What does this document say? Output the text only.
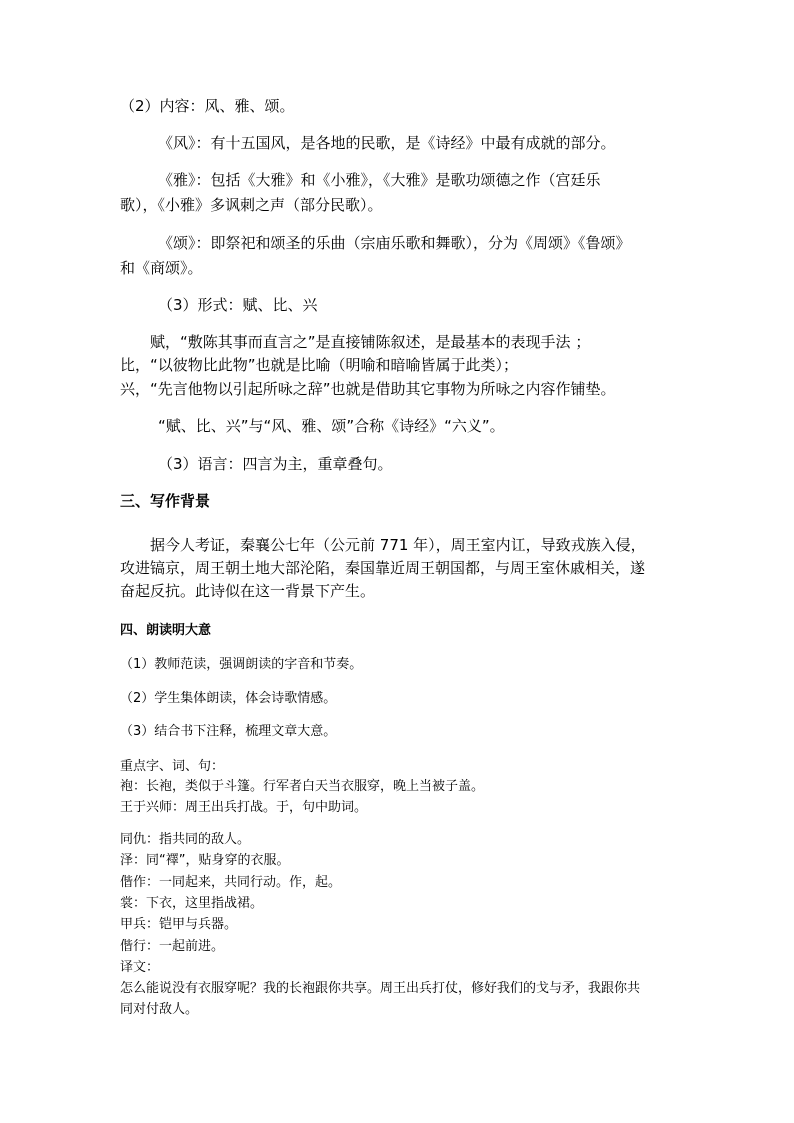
（2）内容：风、雅、颂。
《风》：有十五国风，是各地的民歌，是《诗经》中最有成就的部分。
《雅》：包括《大雅》和《小雅》，《大雅》是歌功颂德之作（宫廷乐
歌），《小雅》多讽刺之声（部分民歌）。
《颂》：即祭祀和颂圣的乐曲（宗庙乐歌和舞歌），分为《周颂》《鲁颂》
和《商颂》。
（3）形式：赋、比、兴
赋，“敷陈其事而直言之”是直接铺陈叙述，是最基本的表现手法 ；
比，“以彼物比此物”也就是比喻（明喻和暗喻皆属于此类）；
兴，“先言他物以引起所咏之辞”也就是借助其它事物为所咏之内容作铺垫。
“赋、比、兴”与“风、雅、颂”合称《诗经》“六义”。
（3）语言：四言为主，重章叠句。
三、写作背景
据今人考证，秦襄公七年（公元前 771 年），周王室内讧，导致戎族入侵，
攻进镐京，周王朝土地大部沦陷，秦国靠近周王朝国都，与周王室休戚相关，遂
奋起反抗。此诗似在这一背景下产生。
四、朗读明大意
（1）教师范读，强调朗读的字音和节奏。
（2）学生集体朗读，体会诗歌情感。
（3）结合书下注释，梳理文章大意。
重点字、词、句：
袍：长袍，类似于斗篷。行军者白天当衣服穿，晚上当被子盖。
王于兴师：周王出兵打战。于，句中助词。
同仇：指共同的敌人。
泽：同“襗”，贴身穿的衣服。
偕作：一同起来，共同行动。作，起。
裳：下衣，这里指战裙。
甲兵：铠甲与兵器。
偕行：一起前进。
译文：
怎么能说没有衣服穿呢？我的长袍跟你共享。周王出兵打仗，修好我们的戈与矛，我跟你共
同对付敌人。
